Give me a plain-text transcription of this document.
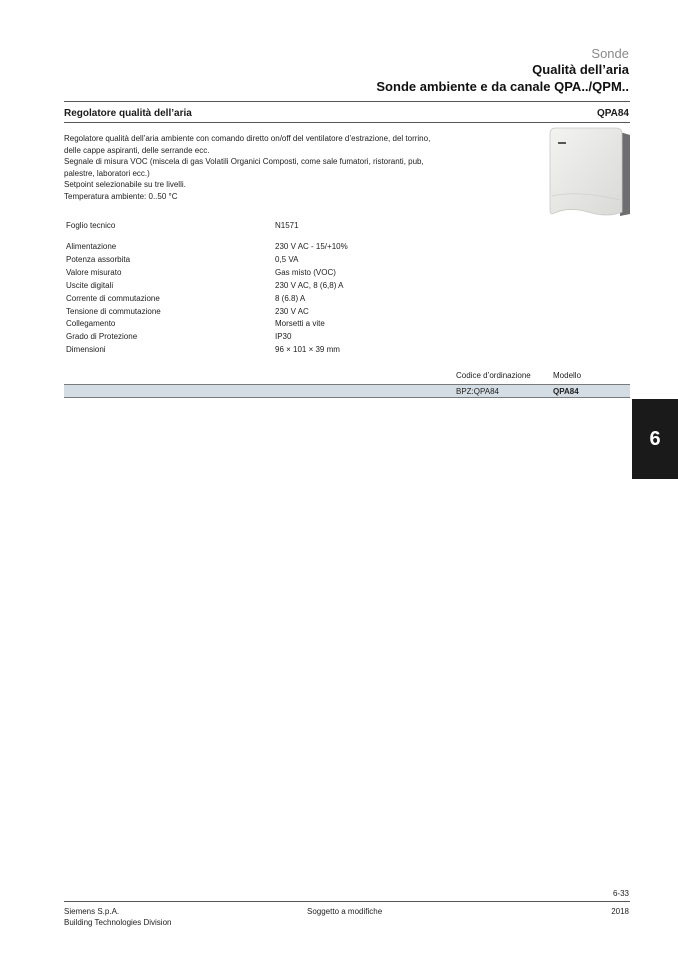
Sonde
Qualità dell’aria
Sonde ambiente e da canale QPA../QPM..
Regolatore qualità dell’aria	QPA84

Regolatore qualità dell’aria ambiente con comando diretto on/off del ventilatore d’estrazione, del torrino,

delle cappe aspiranti, delle serrande ecc.

Segnale di misura VOC (miscela di gas Volatili Organici Composti, come sale fumatori, ristoranti, pub,

palestre, laboratori ecc.)

Setpoint selezionabile su tre livelli.

Temperatura ambiente: 0..50 °C

Foglio tecnico	N1571
Alimentazione	230 V AC - 15/+10%
Potenza assorbita	0,5 VA
Valore misurato	Gas misto (VOC)
Uscite digitali	230 V AC, 8 (6,8) A
Corrente di commutazione	8 (6.8) A
Tensione di commutazione	230 V AC
Collegamento	Morsetti a vite
Grado di Protezione	IP30
Dimensioni	96 × 101 × 39 mm
Codice d’ordinazione	Modello
BPZ:QPA84	QPA84
6
6-33
Siemens S.p.A.
Building Technologies Division
Soggetto a modifiche	2018
